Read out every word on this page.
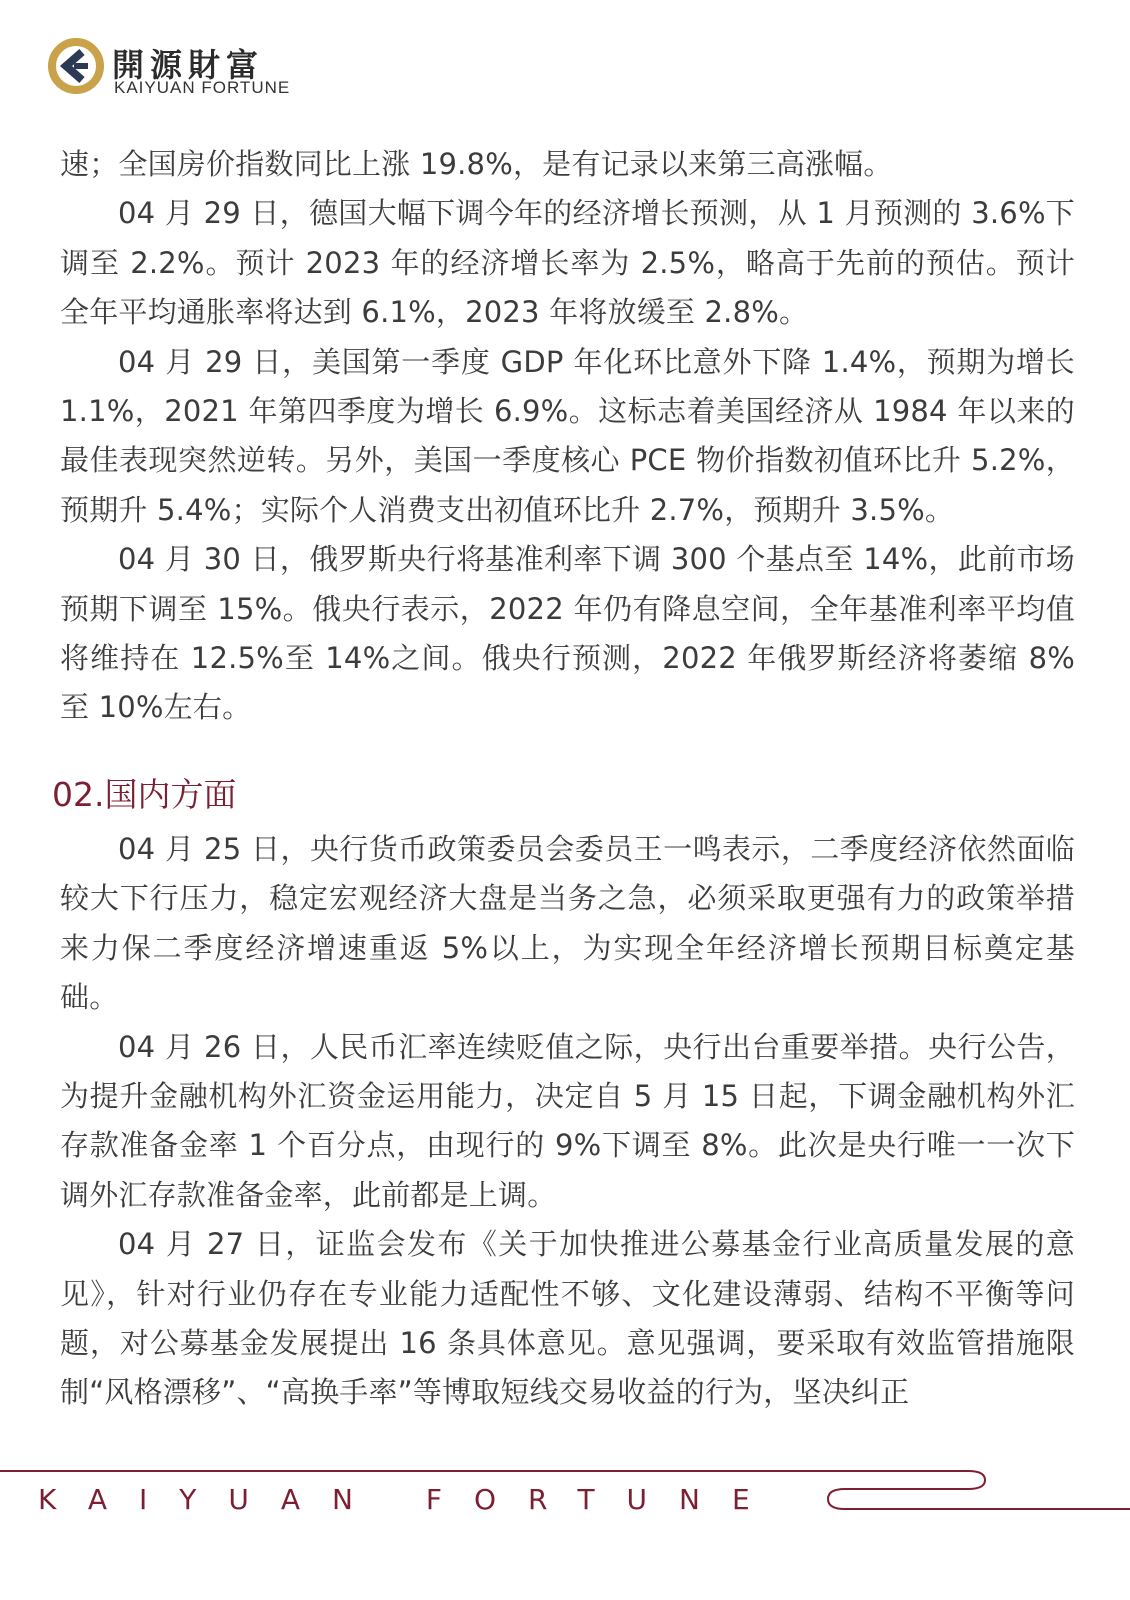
開源財富
KAIYUAN FORTUNE

速；全国房价指数同比上涨 19.8%，是有记录以来第三高涨幅。

04 月 29 日，德国大幅下调今年的经济增长预测，从 1 月预测的 3.6%下调至 2.2%。预计 2023 年的经济增长率为 2.5%，略高于先前的预估。预计全年平均通胀率将达到 6.1%，2023 年将放缓至 2.8%。

04 月 29 日，美国第一季度 GDP 年化环比意外下降 1.4%，预期为增长 1.1%，2021 年第四季度为增长 6.9%。这标志着美国经济从 1984 年以来的最佳表现突然逆转。另外，美国一季度核心 PCE 物价指数初值环比升 5.2%，预期升 5.4%；实际个人消费支出初值环比升 2.7%，预期升 3.5%。

04 月 30 日，俄罗斯央行将基准利率下调 300 个基点至 14%，此前市场预期下调至 15%。俄央行表示，2022 年仍有降息空间，全年基准利率平均值将维持在 12.5%至 14%之间。俄央行预测，2022 年俄罗斯经济将萎缩 8%至 10%左右。

02.国内方面

04 月 25 日，央行货币政策委员会委员王一鸣表示，二季度经济依然面临较大下行压力，稳定宏观经济大盘是当务之急，必须采取更强有力的政策举措来力保二季度经济增速重返 5%以上，为实现全年经济增长预期目标奠定基础。

04 月 26 日，人民币汇率连续贬值之际，央行出台重要举措。央行公告，为提升金融机构外汇资金运用能力，决定自 5 月 15 日起，下调金融机构外汇存款准备金率 1 个百分点，由现行的 9%下调至 8%。此次是央行唯一一次下调外汇存款准备金率，此前都是上调。

04 月 27 日，证监会发布《关于加快推进公募基金行业高质量发展的意见》，针对行业仍存在专业能力适配性不够、文化建设薄弱、结构不平衡等问题，对公募基金发展提出 16 条具体意见。意见强调，要采取有效监管措施限制“风格漂移”、“高换手率”等博取短线交易收益的行为，坚决纠正

KAIYUAN FORTUNE
